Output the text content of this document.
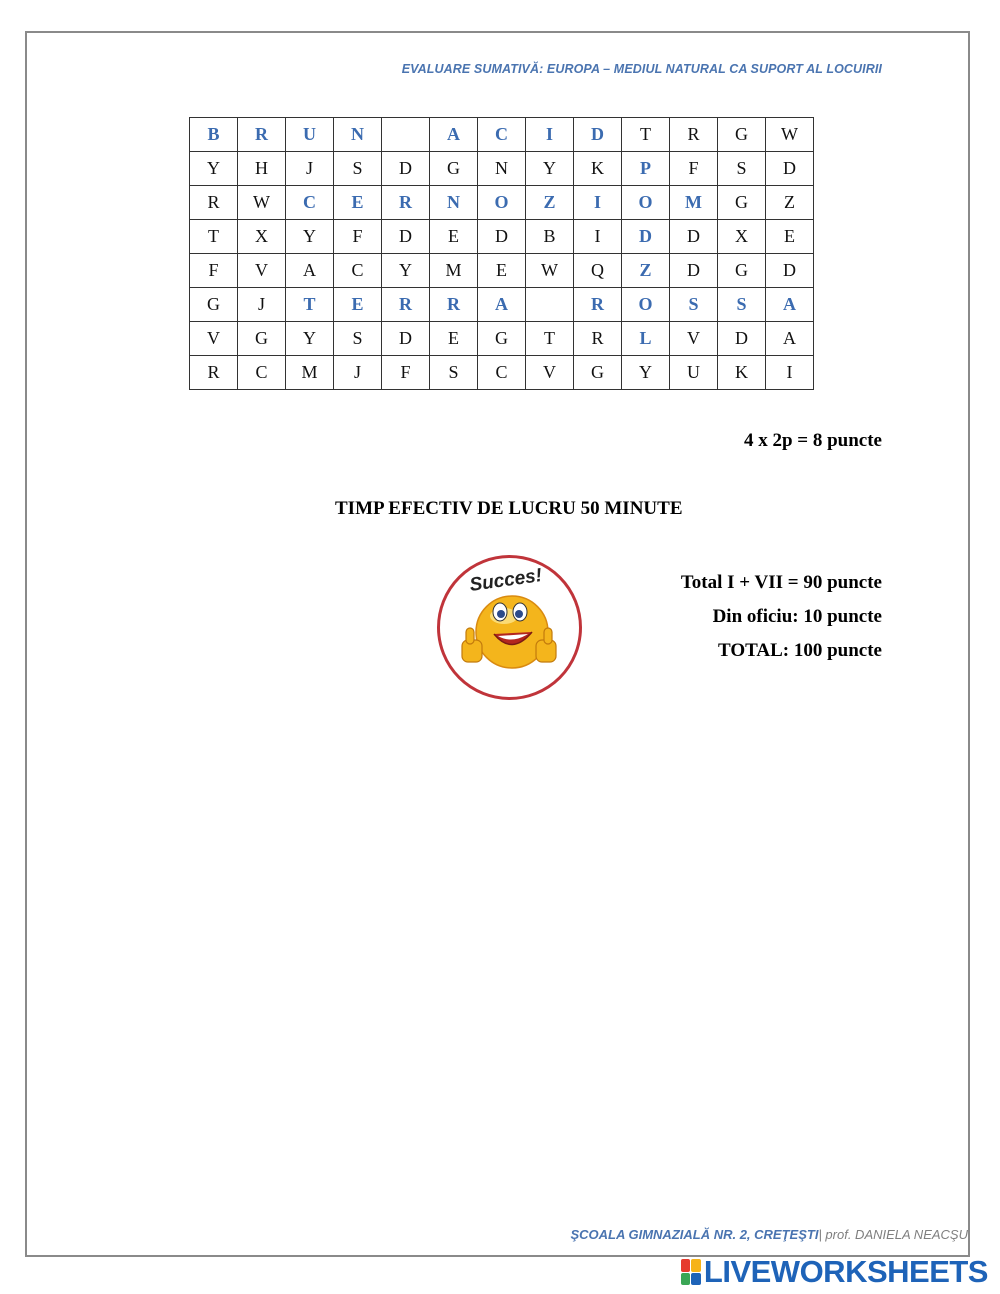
EVALUARE SUMATIVĂ: EUROPA – MEDIUL NATURAL CA SUPORT AL LOCUIRII
B	R	U	N		A	C	I	D	T	R	G	W
Y	H	J	S	D	G	N	Y	K	P	F	S	D
R	W	C	E	R	N	O	Z	I	O	M	G	Z
T	X	Y	F	D	E	D	B	I	D	D	X	E
F	V	A	C	Y	M	E	W	Q	Z	D	G	D
G	J	T	E	R	R	A		R	O	S	S	A
V	G	Y	S	D	E	G	T	R	L	V	D	A
R	C	M	J	F	S	C	V	G	Y	U	K	I
4 x 2p = 8 puncte
TIMP EFECTIV DE LUCRU 50 MINUTE
Succes!	Total I + VII = 90 puncte
Din oficiu: 10 puncte
TOTAL: 100 puncte
ŞCOALA GIMNAZIALĂ NR. 2, CREŢEŞTI| prof. DANIELA NEACŞU
LIVEWORKSHEETS
